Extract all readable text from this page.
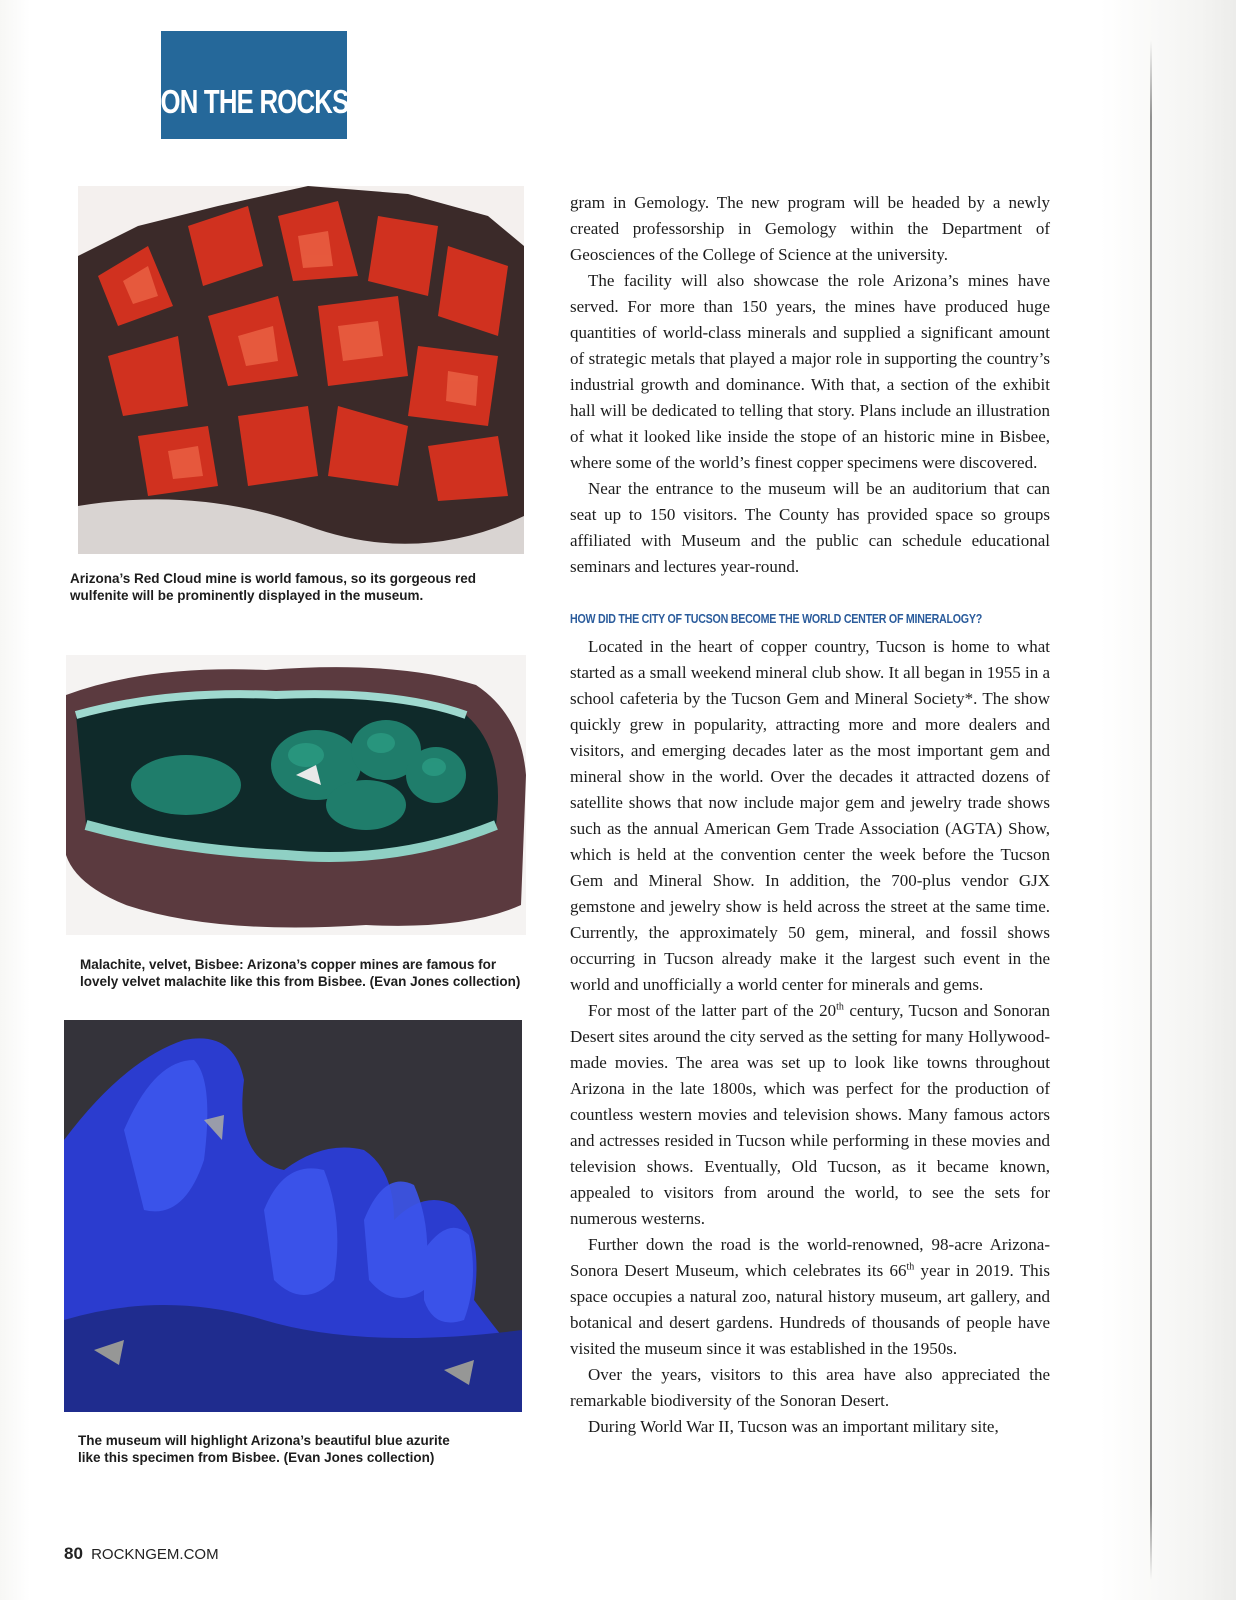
ON THE ROCKS
Arizona’s Red Cloud mine is world famous, so its gorgeous red wulfenite will be prominently displayed in the museum.
Malachite, velvet, Bisbee: Arizona’s copper mines are famous for lovely velvet malachite like this from Bisbee. (Evan Jones collection)
The museum will highlight Arizona’s beautiful blue azurite like this specimen from Bisbee. (Evan Jones collection)

gram in Gemology. The new program will be headed by a newly created professorship in Gemology within the Department of Geosciences of the College of Science at the university.

The facility will also showcase the role Arizona’s mines have served. For more than 150 years, the mines have produced huge quantities of world-class minerals and supplied a significant amount of strategic metals that played a major role in supporting the country’s industrial growth and dominance. With that, a section of the exhibit hall will be dedicated to telling that story. Plans include an illustration of what it looked like inside the stope of an historic mine in Bisbee, where some of the world’s finest copper specimens were discovered.

Near the entrance to the museum will be an auditorium that can seat up to 150 visitors. The County has provided space so groups affiliated with Museum and the public can schedule educational seminars and lectures year-round.

HOW DID THE CITY OF TUCSON BECOME THE WORLD CENTER OF MINERALOGY?

Located in the heart of copper country, Tucson is home to what started as a small weekend mineral club show. It all began in 1955 in a school cafeteria by the Tucson Gem and Mineral Society*. The show quickly grew in popularity, attracting more and more dealers and visitors, and emerging decades later as the most important gem and mineral show in the world. Over the decades it attracted dozens of satellite shows that now include major gem and jewelry trade shows such as the annual American Gem Trade Association (AGTA) Show, which is held at the convention center the week before the Tucson Gem and Mineral Show. In addition, the 700-plus vendor GJX gemstone and jewelry show is held across the street at the same time. Currently, the approximately 50 gem, mineral, and fossil shows occurring in Tucson already make it the largest such event in the world and unofficially a world center for minerals and gems.

For most of the latter part of the 20th century, Tucson and Sonoran Desert sites around the city served as the setting for many Hollywood-made movies. The area was set up to look like towns throughout Arizona in the late 1800s, which was perfect for the production of countless western movies and television shows. Many famous actors and actresses resided in Tucson while performing in these movies and television shows. Eventually, Old Tucson, as it became known, appealed to visitors from around the world, to see the sets for numerous westerns.

Further down the road is the world-renowned, 98-acre Arizona-Sonora Desert Museum, which celebrates its 66th year in 2019. This space occupies a natural zoo, natural history museum, art gallery, and botanical and desert gardens. Hundreds of thousands of people have visited the museum since it was established in the 1950s.

Over the years, visitors to this area have also appreciated the remarkable biodiversity of the Sonoran Desert.

During World War II, Tucson was an important military site,

80 ROCKNGEM.COM
